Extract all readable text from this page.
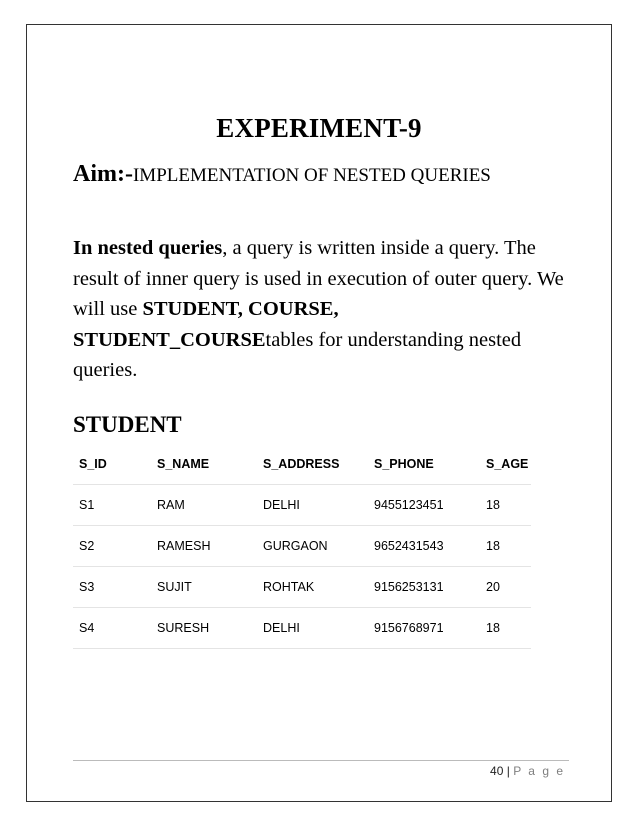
EXPERIMENT-9
Aim:-IMPLEMENTATION OF NESTED QUERIES
In nested queries, a query is written inside a query. The result of inner query is used in execution of outer query. We will use STUDENT, COURSE, STUDENT_COURSEtables for understanding nested queries.
STUDENT
S_ID	S_NAME	S_ADDRESS	S_PHONE	S_AGE
S1	RAM	DELHI	9455123451	18
S2	RAMESH	GURGAON	9652431543	18
S3	SUJIT	ROHTAK	9156253131	20
S4	SURESH	DELHI	9156768971	18
40 | P a g e
